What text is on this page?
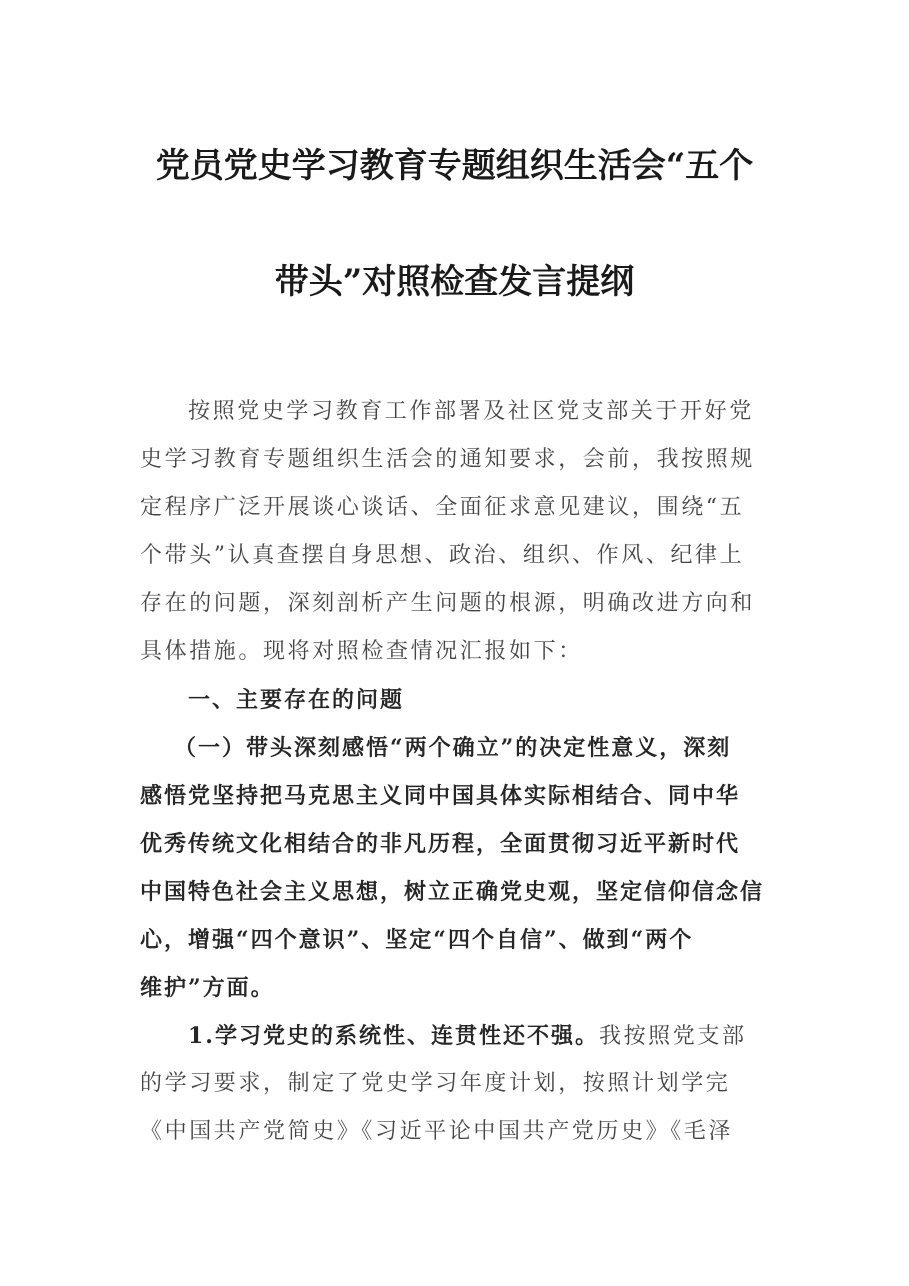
党员党史学习教育专题组织生活会“五个
带头”对照检查发言提纲

按照党史学习教育工作部署及社区党支部关于开好党

史学习教育专题组织生活会的通知要求，会前，我按照规

定程序广泛开展谈心谈话、全面征求意见建议，围绕“五

个带头”认真查摆自身思想、政治、组织、作风、纪律上

存在的问题，深刻剖析产生问题的根源，明确改进方向和

具体措施。现将对照检查情况汇报如下：

一、主要存在的问题

（一）带头深刻感悟“两个确立”的决定性意义，深刻

感悟党坚持把马克思主义同中国具体实际相结合、同中华

优秀传统文化相结合的非凡历程，全面贯彻习近平新时代

中国特色社会主义思想，树立正确党史观，坚定信仰信念信

心，增强“四个意识”、坚定“四个自信”、做到“两个

维护”方面。

1.学习党史的系统性、连贯性还不强。我按照党支部

的学习要求，制定了党史学习年度计划，按照计划学完

《中国共产党简史》《习近平论中国共产党历史》《毛泽
